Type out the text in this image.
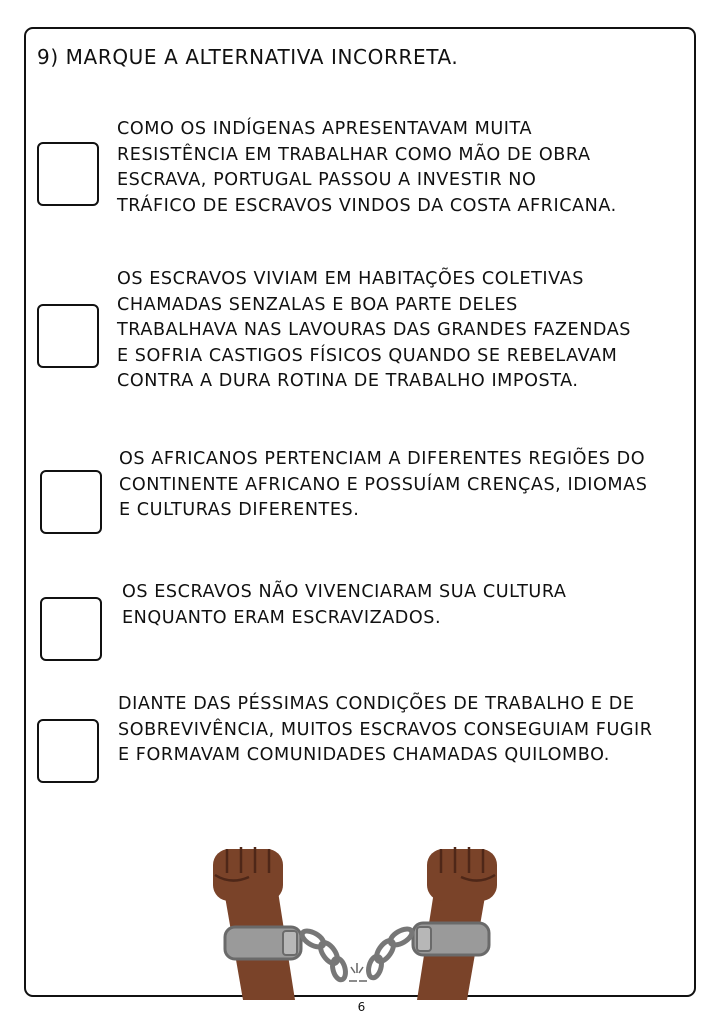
9) MARQUE A ALTERNATIVA INCORRETA.
COMO OS INDÍGENAS APRESENTAVAM MUITA
RESISTÊNCIA EM TRABALHAR COMO MÃO DE OBRA
ESCRAVA, PORTUGAL PASSOU A INVESTIR NO
TRÁFICO DE ESCRAVOS VINDOS DA COSTA AFRICANA.
OS ESCRAVOS VIVIAM EM HABITAÇÕES COLETIVAS
CHAMADAS SENZALAS E BOA PARTE DELES
TRABALHAVA NAS LAVOURAS DAS GRANDES FAZENDAS
E SOFRIA CASTIGOS FÍSICOS QUANDO SE REBELAVAM
CONTRA A DURA ROTINA DE TRABALHO IMPOSTA.
OS AFRICANOS PERTENCIAM A DIFERENTES REGIÕES DO
CONTINENTE AFRICANO E POSSUÍAM CRENÇAS, IDIOMAS
E CULTURAS DIFERENTES.
OS ESCRAVOS NÃO VIVENCIARAM SUA CULTURA
ENQUANTO ERAM ESCRAVIZADOS.
DIANTE DAS PÉSSIMAS CONDIÇÕES DE TRABALHO E DE
SOBREVIVÊNCIA, MUITOS ESCRAVOS CONSEGUIAM FUGIR
E FORMAVAM COMUNIDADES CHAMADAS QUILOMBO.
6
